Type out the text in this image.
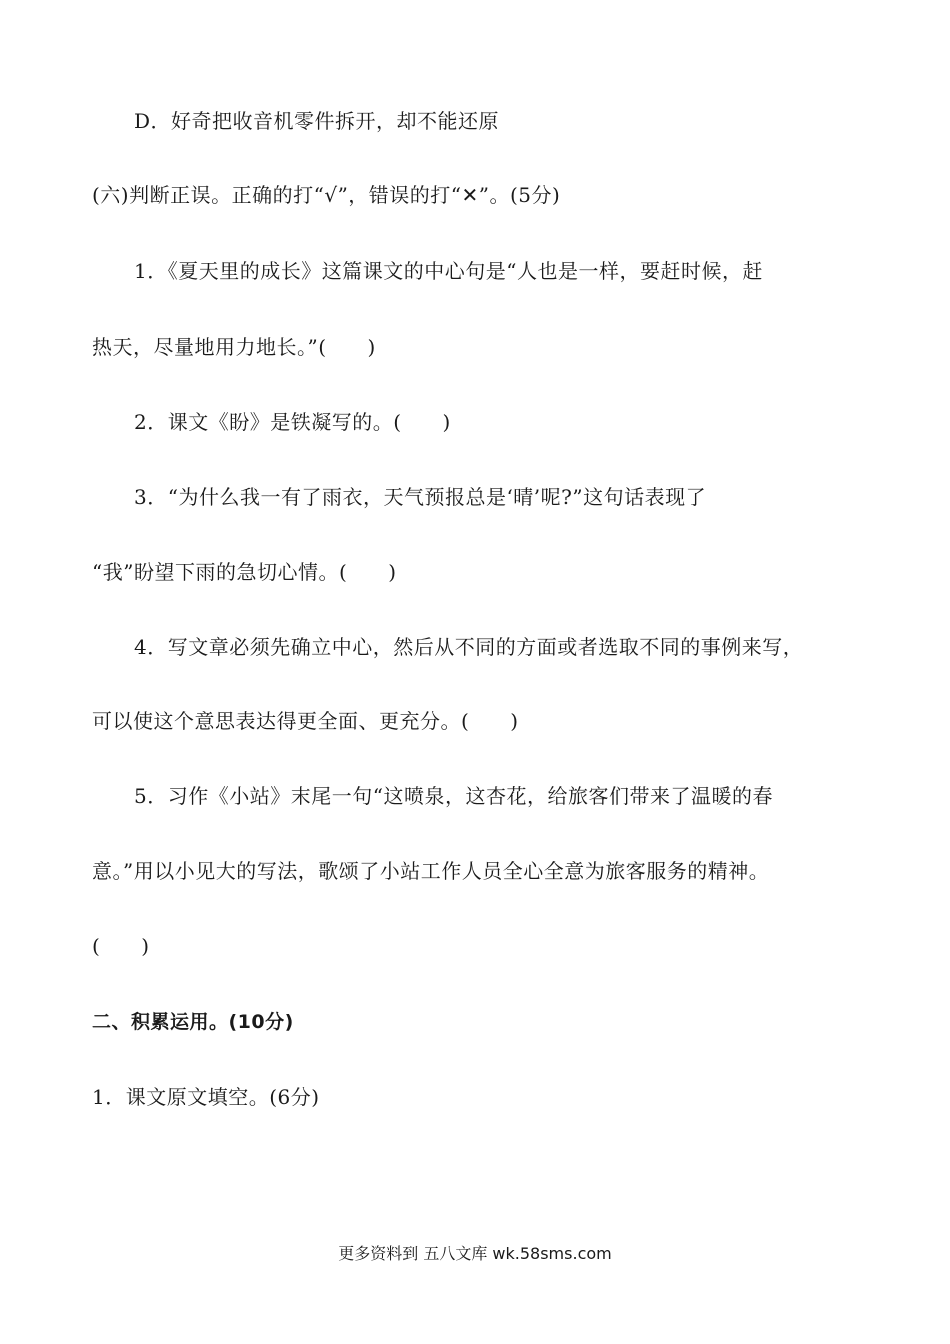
D．好奇把收音机零件拆开，却不能还原
(六)判断正误。正确的打“√”，错误的打“✕”。(5分)
1．《夏天里的成长》这篇课文的中心句是“人也是一样，要赶时候，赶
热天，尽量地用力地长。”(　　)
2．课文《盼》是铁凝写的。(　　)
3．“为什么我一有了雨衣，天气预报总是‘晴’呢?”这句话表现了
“我”盼望下雨的急切心情。(　　)
4．写文章必须先确立中心，然后从不同的方面或者选取不同的事例来写，
可以使这个意思表达得更全面、更充分。(　　)
5．习作《小站》末尾一句“这喷泉，这杏花，给旅客们带来了温暖的春
意。”用以小见大的写法，歌颂了小站工作人员全心全意为旅客服务的精神。
(　　)
二、积累运用。(10分)
1．课文原文填空。(6分)
更多资料到 五八文库 wk.58sms.com
